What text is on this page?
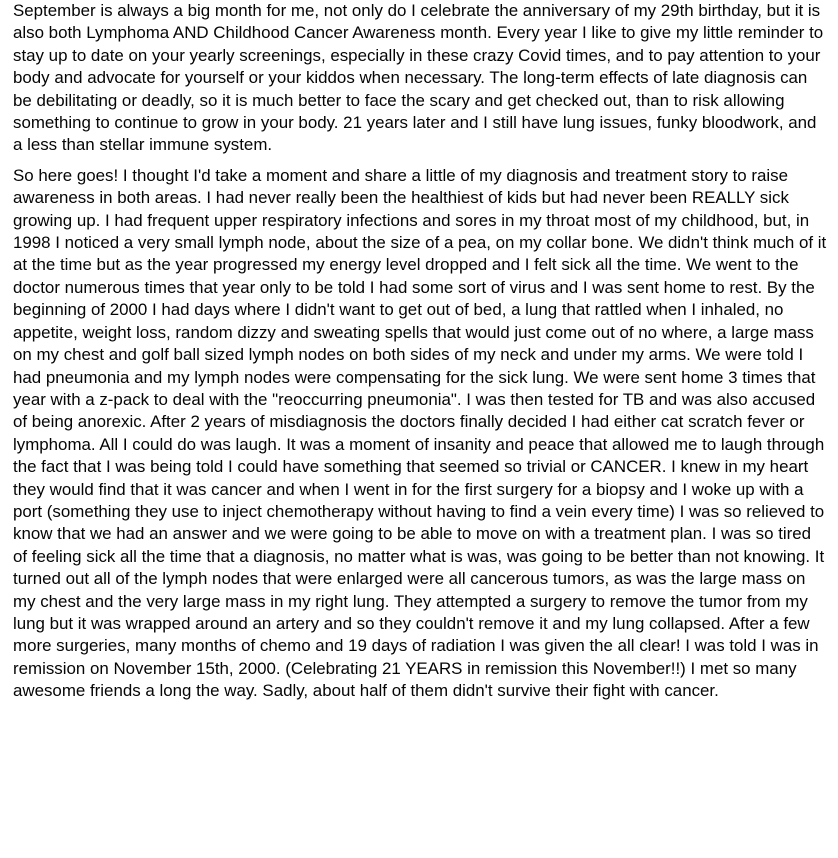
September is always a big month for me, not only do I celebrate the anniversary of my 29th birthday, but it is also both Lymphoma AND Childhood Cancer Awareness month. Every year I like to give my little reminder to stay up to date on your yearly screenings, especially in these crazy Covid times, and to pay attention to your body and advocate for yourself or your kiddos when necessary. The long-term effects of late diagnosis can be debilitating or deadly, so it is much better to face the scary and get checked out, than to risk allowing something to continue to grow in your body. 21 years later and I still have lung issues, funky bloodwork, and a less than stellar immune system.

So here goes! I thought I'd take a moment and share a little of my diagnosis and treatment story to raise awareness in both areas. I had never really been the healthiest of kids but had never been REALLY sick growing up. I had frequent upper respiratory infections and sores in my throat most of my childhood, but, in 1998 I noticed a very small lymph node, about the size of a pea, on my collar bone. We didn't think much of it at the time but as the year progressed my energy level dropped and I felt sick all the time. We went to the doctor numerous times that year only to be told I had some sort of virus and I was sent home to rest. By the beginning of 2000 I had days where I didn't want to get out of bed, a lung that rattled when I inhaled, no appetite, weight loss, random dizzy and sweating spells that would just come out of no where, a large mass on my chest and golf ball sized lymph nodes on both sides of my neck and under my arms. We were told I had pneumonia and my lymph nodes were compensating for the sick lung. We were sent home 3 times that year with a z-pack to deal with the "reoccurring pneumonia". I was then tested for TB and was also accused of being anorexic. After 2 years of misdiagnosis the doctors finally decided I had either cat scratch fever or lymphoma. All I could do was laugh. It was a moment of insanity and peace that allowed me to laugh through the fact that I was being told I could have something that seemed so trivial or CANCER. I knew in my heart they would find that it was cancer and when I went in for the first surgery for a biopsy and I woke up with a port (something they use to inject chemotherapy without having to find a vein every time) I was so relieved to know that we had an answer and we were going to be able to move on with a treatment plan. I was so tired of feeling sick all the time that a diagnosis, no matter what is was, was going to be better than not knowing. It turned out all of the lymph nodes that were enlarged were all cancerous tumors, as was the large mass on my chest and the very large mass in my right lung. They attempted a surgery to remove the tumor from my lung but it was wrapped around an artery and so they couldn't remove it and my lung collapsed. After a few more surgeries, many months of chemo and 19 days of radiation I was given the all clear! I was told I was in remission on November 15th, 2000. (Celebrating 21 YEARS in remission this November!!) I met so many awesome friends a long the way. Sadly, about half of them didn't survive their fight with cancer.
